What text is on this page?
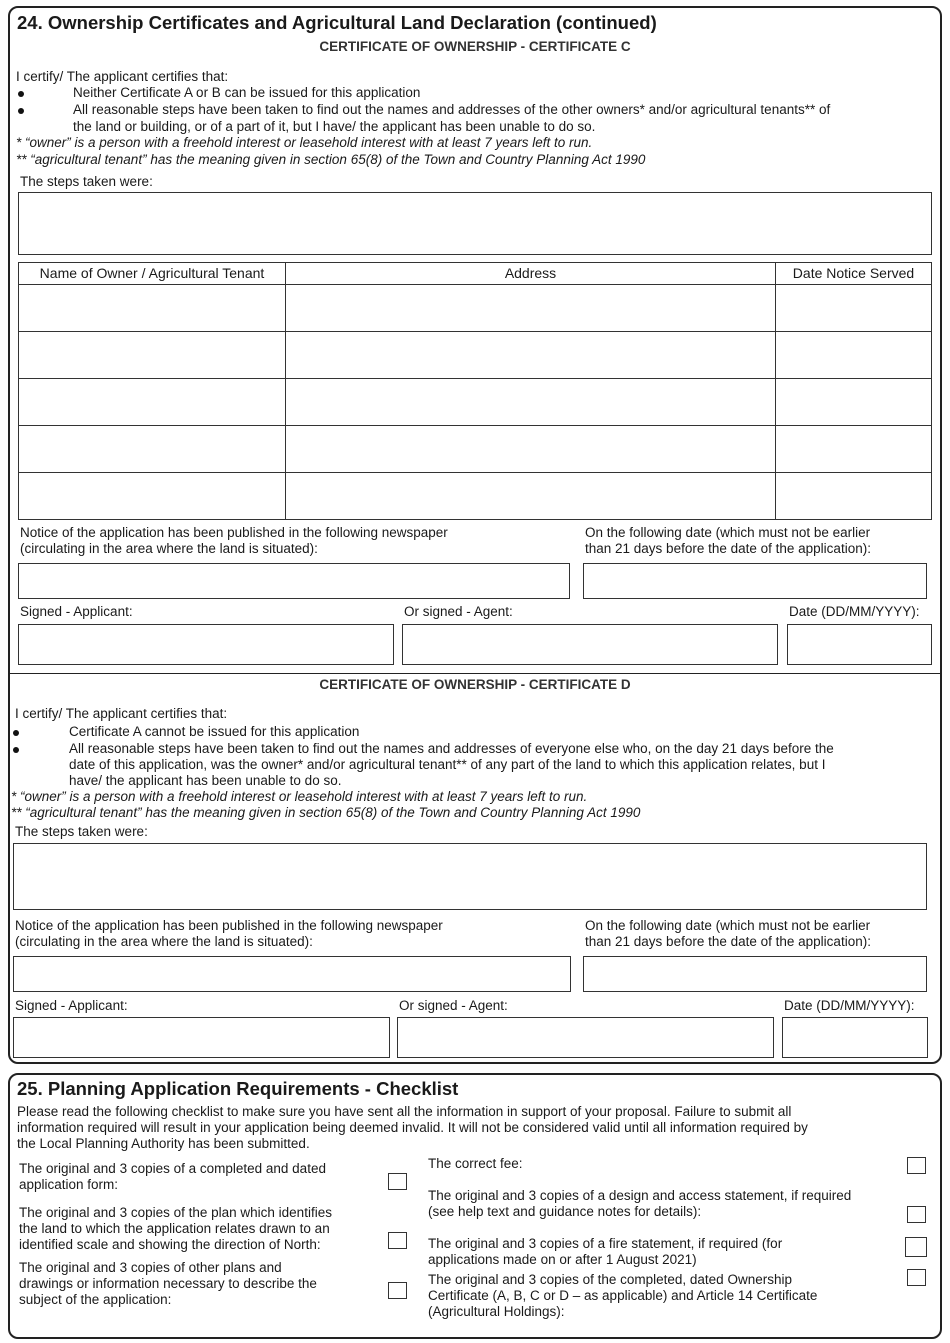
24. Ownership Certificates and Agricultural Land Declaration (continued)
CERTIFICATE OF OWNERSHIP - CERTIFICATE C
I certify/ The applicant certifies that:
Neither Certificate A or B can be issued for this application
All reasonable steps have been taken to find out the names and addresses of the other owners* and/or agricultural tenants** of
the land or building, or of a part of it, but I have/ the applicant has been unable to do so.
* “owner” is a person with a freehold interest or leasehold interest with at least 7 years left to run.
** “agricultural tenant” has the meaning given in section 65(8) of the Town and Country Planning Act 1990
The steps taken were:
Name of Owner / Agricultural Tenant	Address	Date Notice Served

Notice of the application has been published in the following newspaper
(circulating in the area where the land is situated):
On the following date (which must not be earlier
than 21 days before the date of the application):
Signed - Applicant:	Or signed - Agent:	Date (DD/MM/YYYY):
CERTIFICATE OF OWNERSHIP - CERTIFICATE D
I certify/ The applicant certifies that:
Certificate A cannot be issued for this application
All reasonable steps have been taken to find out the names and addresses of everyone else who, on the day 21 days before the
date of this application, was the owner* and/or agricultural tenant** of any part of the land to which this application relates, but I
have/ the applicant has been unable to do so.
* “owner” is a person with a freehold interest or leasehold interest with at least 7 years left to run.
** “agricultural tenant” has the meaning given in section 65(8) of the Town and Country Planning Act 1990
The steps taken were:
Notice of the application has been published in the following newspaper
(circulating in the area where the land is situated):
On the following date (which must not be earlier
than 21 days before the date of the application):
Signed - Applicant:	Or signed - Agent:	Date (DD/MM/YYYY):
25. Planning Application Requirements - Checklist
Please read the following checklist to make sure you have sent all the information in support of your proposal. Failure to submit all
information required will result in your application being deemed invalid. It will not be considered valid until all information required by
the Local Planning Authority has been submitted.
The original and 3 copies of a completed and dated
application form:
The original and 3 copies of the plan which identifies
the land to which the application relates drawn to an
identified scale and showing the direction of North:
The original and 3 copies of other plans and
drawings or information necessary to describe the
subject of the application:
The correct fee:
The original and 3 copies of a design and access statement, if required
(see help text and guidance notes for details):
The original and 3 copies of a fire statement, if required (for
applications made on or after 1 August 2021)
The original and 3 copies of the completed, dated Ownership
Certificate (A, B, C or D – as applicable) and Article 14 Certificate
(Agricultural Holdings):
